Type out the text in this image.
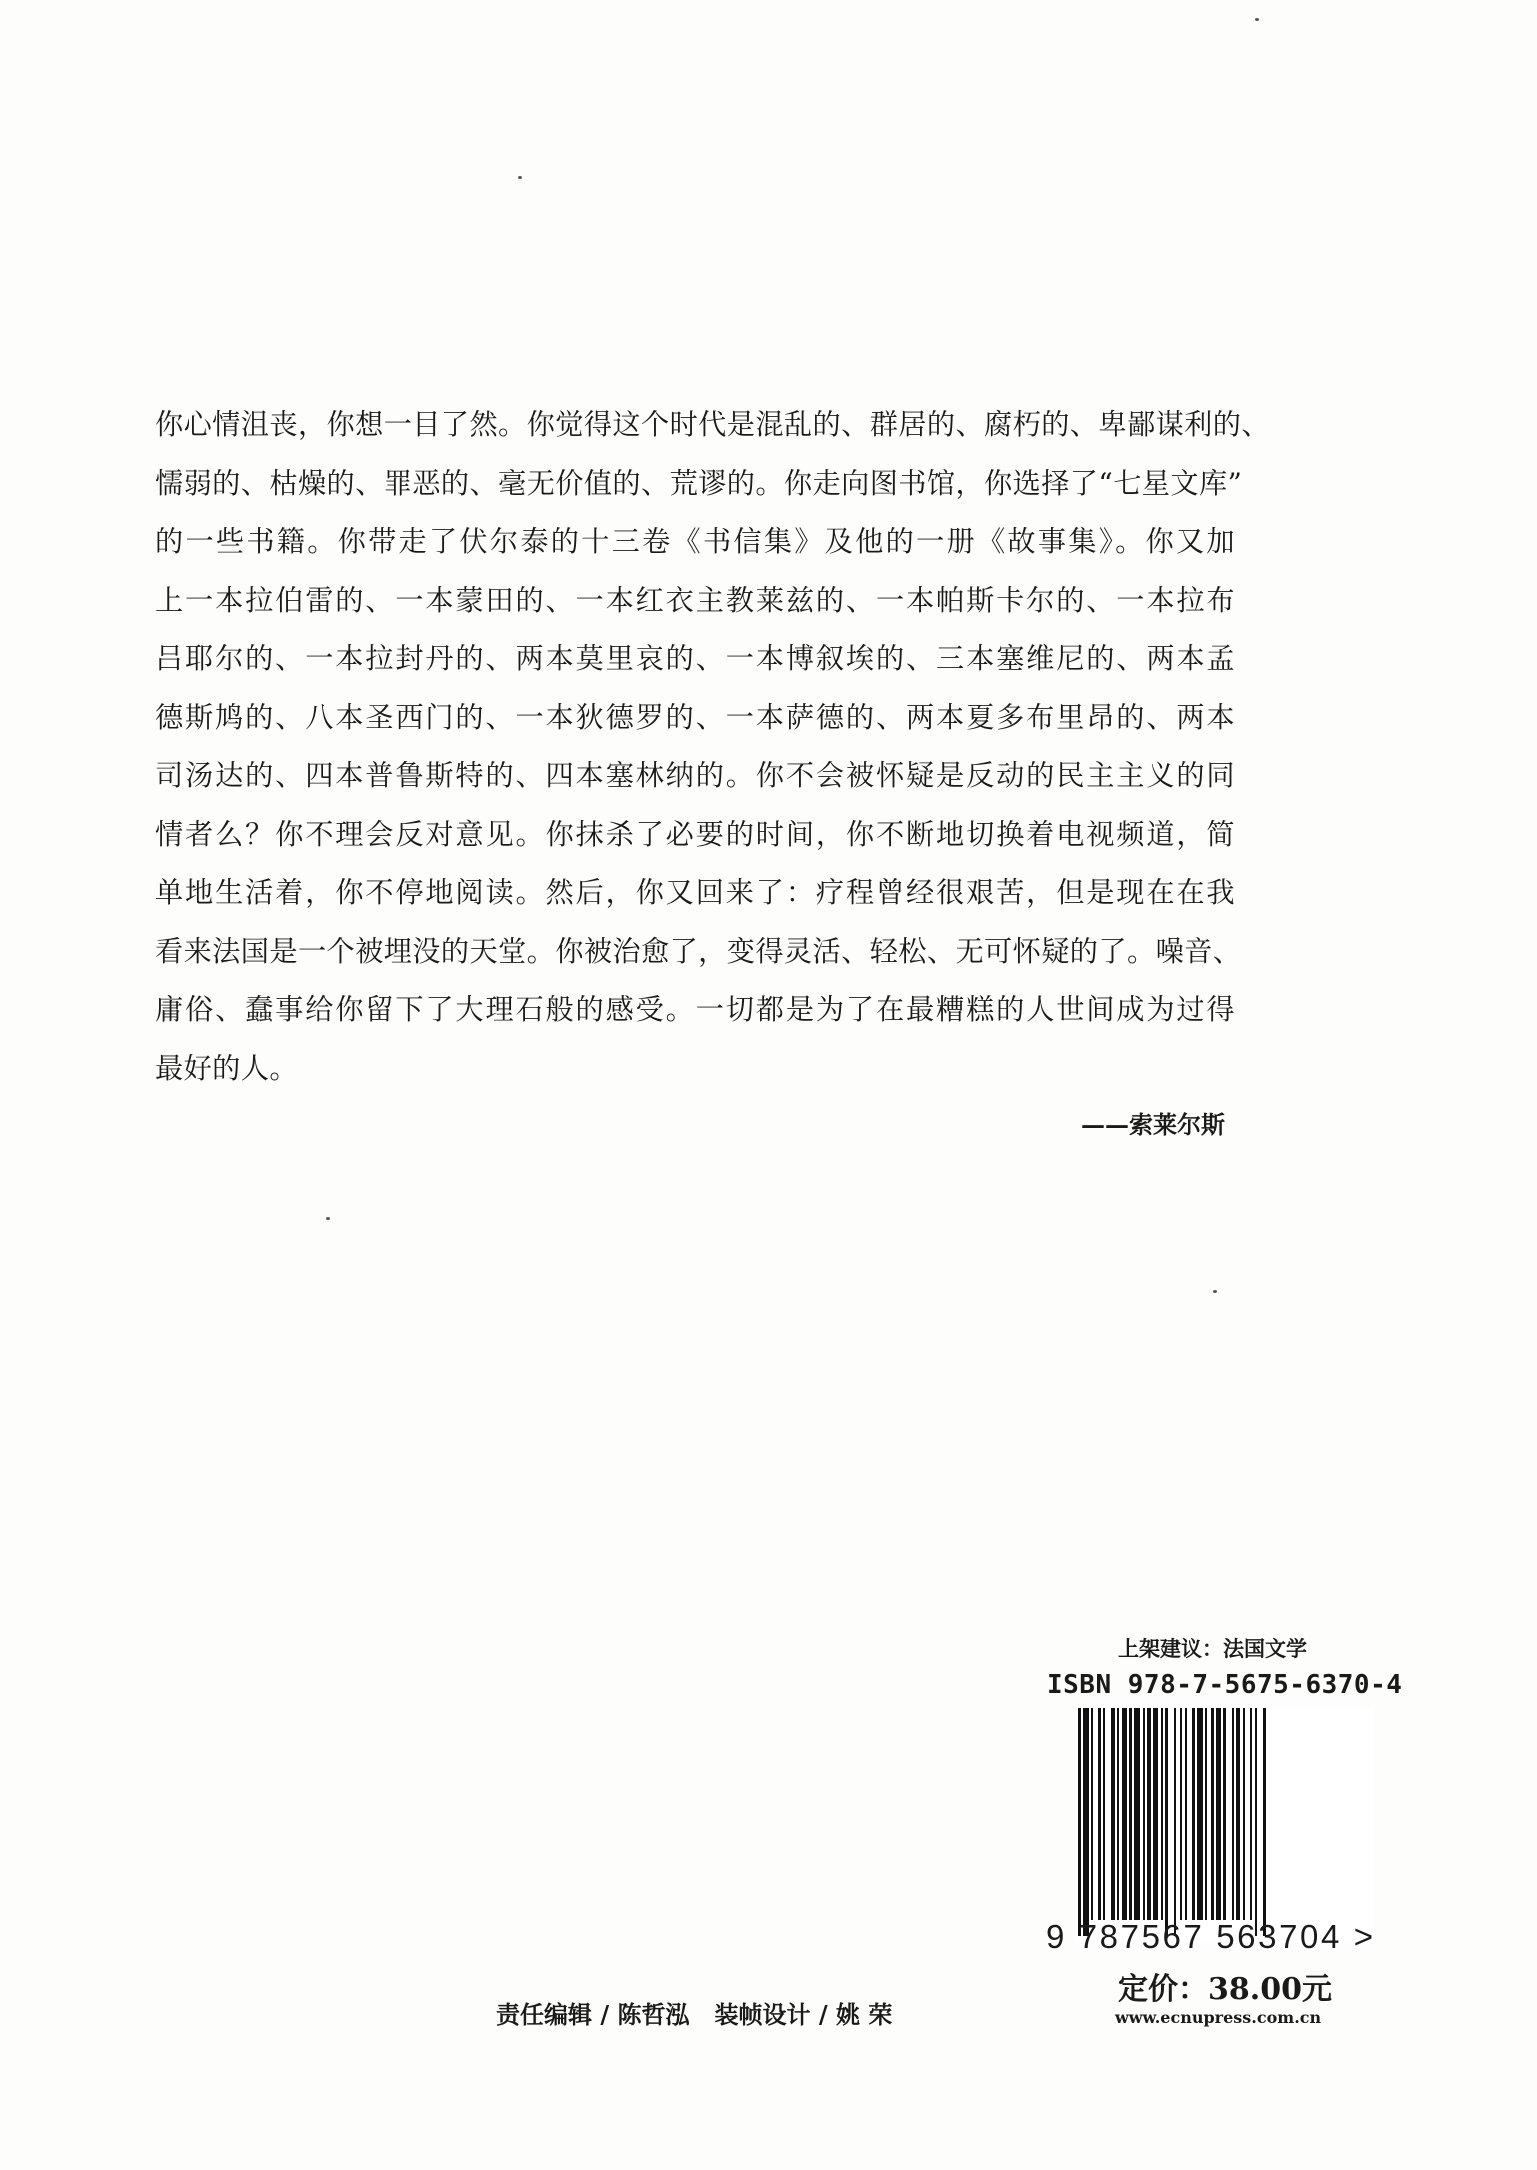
你心情沮丧，你想一目了然。你觉得这个时代是混乱的、群居的、腐朽的、卑鄙谋利的、
懦弱的、枯燥的、罪恶的、毫无价值的、荒谬的。你走向图书馆，你选择了“七星文库”
的一些书籍。你带走了伏尔泰的十三卷《书信集》及他的一册《故事集》。你又加
上一本拉伯雷的、一本蒙田的、一本红衣主教莱兹的、一本帕斯卡尔的、一本拉布
吕耶尔的、一本拉封丹的、两本莫里哀的、一本博叙埃的、三本塞维尼的、两本孟
德斯鸠的、八本圣西门的、一本狄德罗的、一本萨德的、两本夏多布里昂的、两本
司汤达的、四本普鲁斯特的、四本塞林纳的。你不会被怀疑是反动的民主主义的同
情者么？你不理会反对意见。你抹杀了必要的时间，你不断地切换着电视频道，简
单地生活着，你不停地阅读。然后，你又回来了：疗程曾经很艰苦，但是现在在我
看来法国是一个被埋没的天堂。你被治愈了，变得灵活、轻松、无可怀疑的了。噪音、
庸俗、蠢事给你留下了大理石般的感受。一切都是为了在最糟糕的人世间成为过得
最好的人。
——索莱尔斯
上架建议：法国文学
ISBN 978-7-5675-6370-4
9 787567 563704 >
定价：38.00元
www.ecnupress.com.cn
责任编辑 / 陈哲泓   装帧设计 / 姚 荣
